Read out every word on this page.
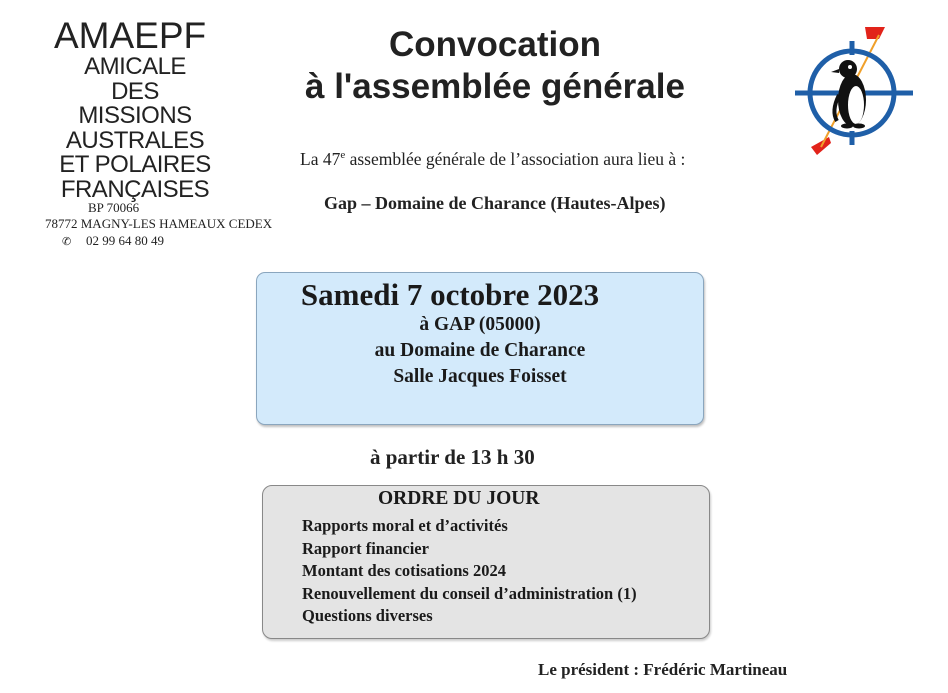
AMAEPF
AMICALE
DES MISSIONS
AUSTRALES
ET POLAIRES
FRANÇAISES
BP 70066
78772 MAGNY-LES HAMEAUX CEDEX
✆ 02 99 64 80 49
Convocation
à l'assemblée générale
La 47e assemblée générale de l’association aura lieu à :
Gap – Domaine de Charance (Hautes-Alpes)
Samedi 7 octobre 2023
à GAP (05000)
au Domaine de Charance
Salle Jacques Foisset
à partir de 13 h 30
ORDRE DU JOUR
Rapports moral et d’activités
Rapport financier
Montant des cotisations 2024
Renouvellement du conseil d’administration (1)
Questions diverses
Le président : Frédéric Martineau
